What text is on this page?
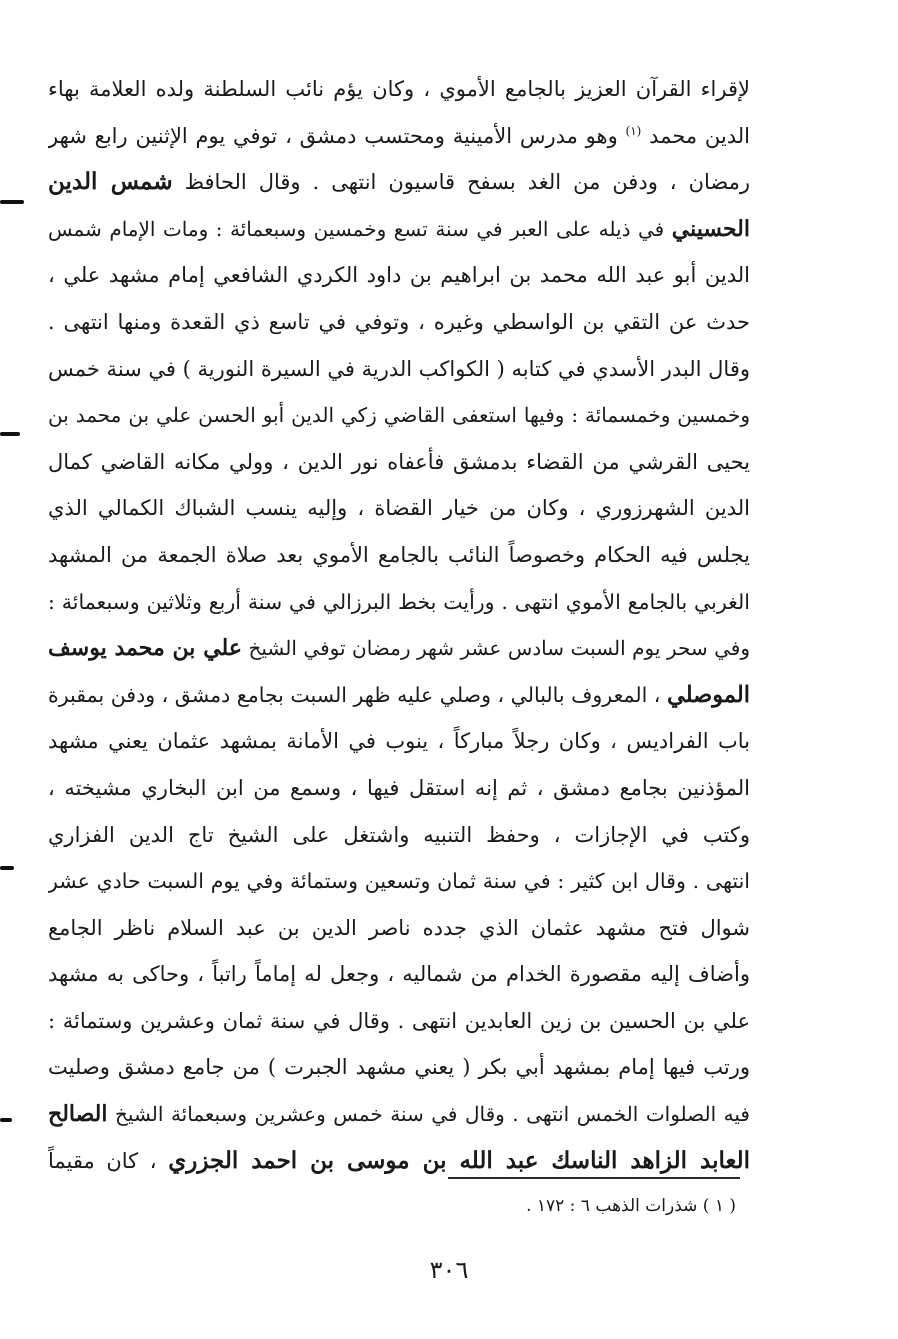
لإقراء القرآن العزيز بالجامع الأموي ، وكان يؤم نائب السلطنة ولده العلامة بهاء
الدين محمد $^{(١)}$ وهو مدرس الأمينية ومحتسب دمشق ، توفي يوم الإثنين رابع شهر
رمضان ، ودفن من الغد بسفح قاسيون انتهى . وقال الحافظ شمس الدين
الحسيني في ذيله على العبر في سنة تسع وخمسين وسبعمائة : ومات الإمام شمس
الدين أبو عبد الله محمد بن ابراهيم بن داود الكردي الشافعي إمام مشهد علي ،
حدث عن التقي بن الواسطي وغيره ، وتوفي في تاسع ذي القعدة ومنها انتهى .
وقال البدر الأسدي في كتابه ( الكواكب الدرية في السيرة النورية ) في سنة خمس
وخمسين وخمسمائة : وفيها استعفى القاضي زكي الدين أبو الحسن علي بن محمد بن
يحيى القرشي من القضاء بدمشق فأعفاه نور الدين ، وولي مكانه القاضي كمال
الدين الشهرزوري ، وكان من خيار القضاة ، وإليه ينسب الشباك الكمالي الذي
يجلس فيه الحكام وخصوصاً النائب بالجامع الأموي بعد صلاة الجمعة من المشهد
الغربي بالجامع الأموي انتهى . ورأيت بخط البرزالي في سنة أربع وثلاثين وسبعمائة :
وفي سحر يوم السبت سادس عشر شهر رمضان توفي الشيخ علي بن محمد يوسف
الموصلي ، المعروف بالبالي ، وصلي عليه ظهر السبت بجامع دمشق ، ودفن بمقبرة
باب الفراديس ، وكان رجلاً مباركاً ، ينوب في الأمانة بمشهد عثمان يعني مشهد
المؤذنين بجامع دمشق ، ثم إنه استقل فيها ، وسمع من ابن البخاري مشيخته ،
وكتب في الإجازات ، وحفظ التنبيه واشتغل على الشيخ تاج الدين الفزاري
انتهى . وقال ابن كثير : في سنة ثمان وتسعين وستمائة وفي يوم السبت حادي عشر
شوال فتح مشهد عثمان الذي جدده ناصر الدين بن عبد السلام ناظر الجامع
وأضاف إليه مقصورة الخدام من شماليه ، وجعل له إماماً راتباً ، وحاكى به مشهد
علي بن الحسين بن زين العابدين انتهى . وقال في سنة ثمان وعشرين وستمائة :
ورتب فيها إمام بمشهد أبي بكر ( يعني مشهد الجبرت ) من جامع دمشق وصليت
فيه الصلوات الخمس انتهى . وقال في سنة خمس وعشرين وسبعمائة الشيخ الصالح
العابد الزاهد الناسك عبد الله بن موسى بن احمد الجزري ، كان مقيماً
( ١ ) شذرات الذهب ٦ : ١٧٢ .
٣٠٦
